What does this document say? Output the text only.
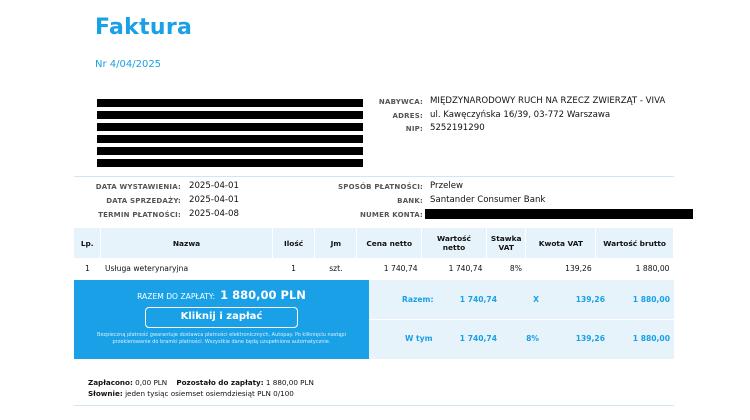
Faktura
Nr 4/04/2025
NABYWCA: MIĘDZYNARODOWY RUCH NA RZECZ ZWIERZĄT - VIVA
ADRES: ul. Kawęczyńska 16/39, 03-772 Warszawa
NIP: 5252191290
DATA WYSTAWIENIA: 2025-04-01
DATA SPRZEDAŻY: 2025-04-01
TERMIN PŁATNOŚCI: 2025-04-08
SPOSÓB PŁATNOŚCI: Przelew
BANK: Santander Consumer Bank
NUMER KONTA:
Lp.	Nazwa	Ilość	Jm	Cena netto	Wartość netto	Stawka VAT	Kwota VAT	Wartość brutto
1	Usługa weterynaryjna	1	szt.	1 740,74	1 740,74	8%	139,26	1 880,00
RAZEM DO ZAPŁATY: 1 880,00 PLN
Kliknij i zapłać
Bezpieczną płatność gwarantuje dostawca płatności elektronicznych, Autopay. Po kliknięciu nastąpi przekierowanie do bramki płatności. Wszystkie dane będą uzupełnione automatycznie.
Razem:	1 740,74	X	139,26	1 880,00
W tym	1 740,74	8%	139,26	1 880,00
Zapłacono: 0,00 PLN Pozostało do zapłaty: 1 880,00 PLN
Słownie: jeden tysiąc osiemset osiemdziesiąt PLN 0/100
